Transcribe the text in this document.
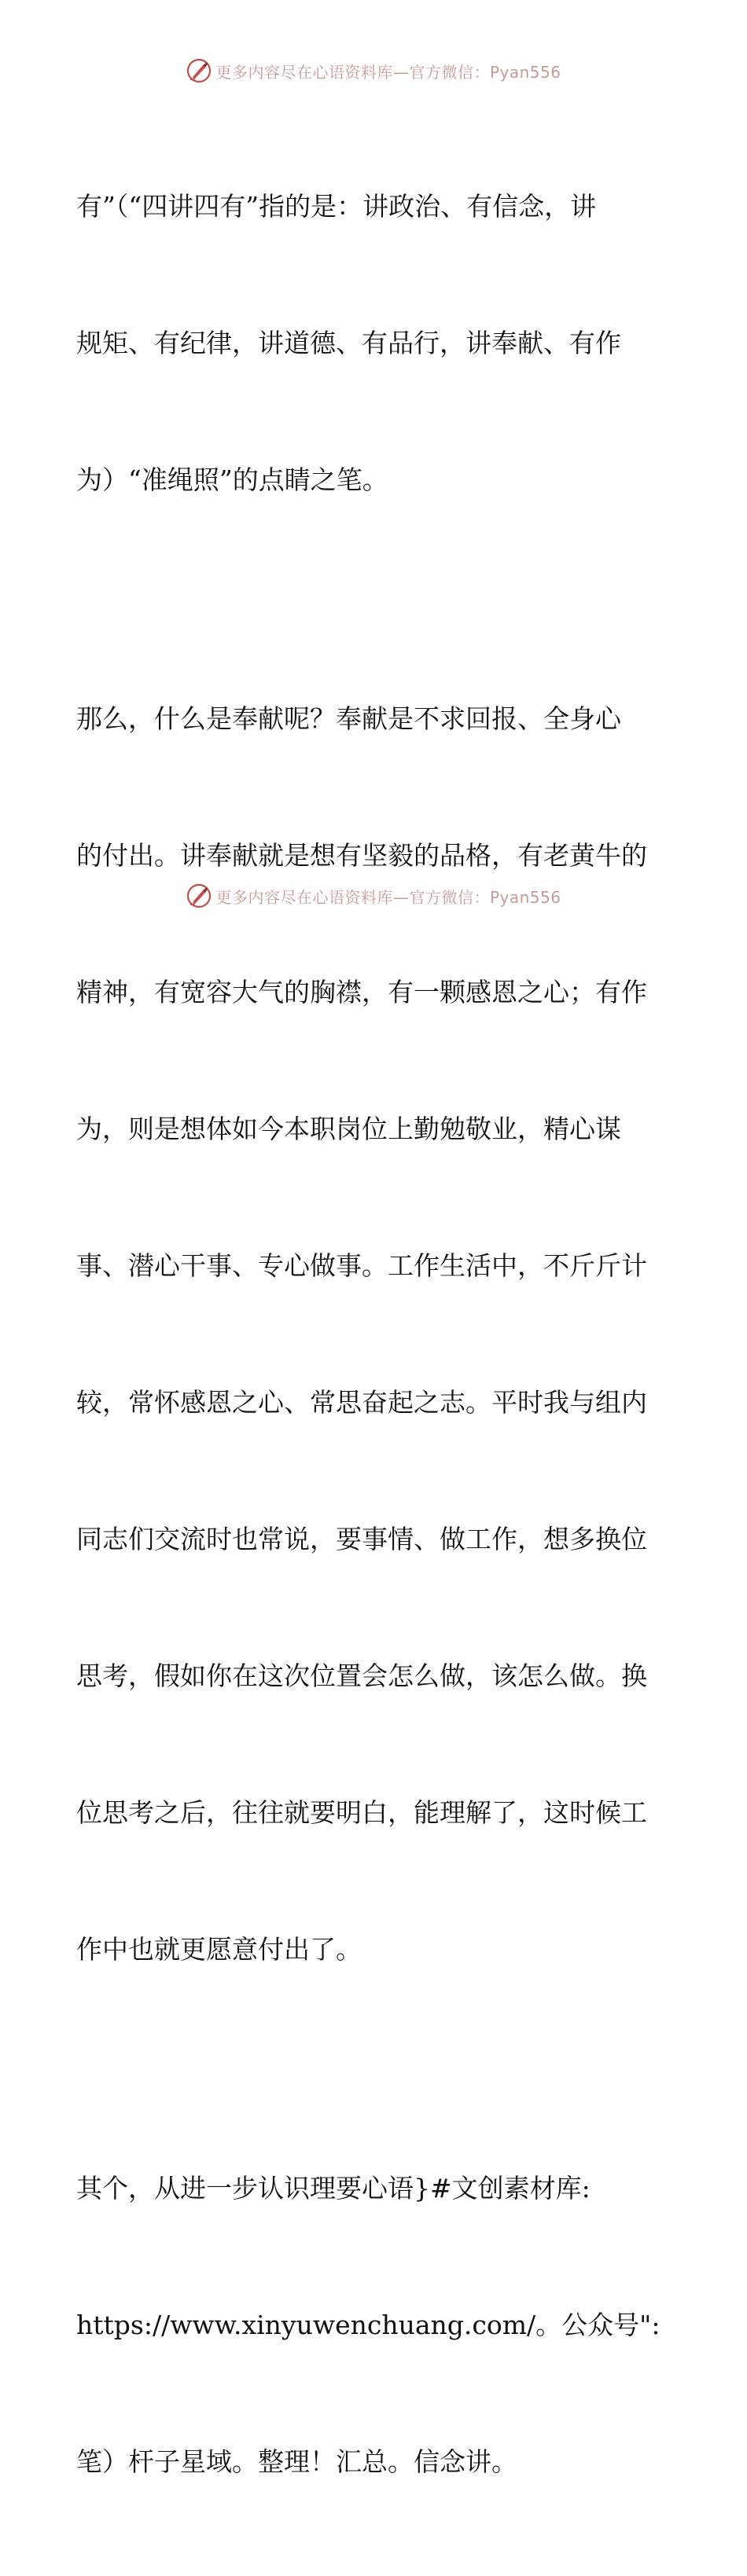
更多内容尽在心语资料库—官方微信：Pyan556

有”（“四讲四有”指的是：讲政治、有信念，讲

规矩、有纪律，讲道德、有品行，讲奉献、有作

为）“准绳照”的点睛之笔。

那么，什么是奉献呢？奉献是不求回报、全身心

的付出。讲奉献就是想有坚毅的品格，有老黄牛的

精神，有宽容大气的胸襟，有一颗感恩之心；有作

为，则是想体如今本职岗位上勤勉敬业，精心谋

事、潜心干事、专心做事。工作生活中，不斤斤计

较，常怀感恩之心、常思奋起之志。平时我与组内

同志们交流时也常说，要事情、做工作，想多换位

思考，假如你在这次位置会怎么做，该怎么做。换

位思考之后，往往就要明白，能理解了，这时候工

作中也就更愿意付出了。

其个，从进一步认识理要心语}#文创素材库:

https://www.xinyuwenchuang.com/。公众号":

笔）杆子星域。整理！汇总。信念讲。

更多内容尽在心语资料库—官方微信：Pyan556
